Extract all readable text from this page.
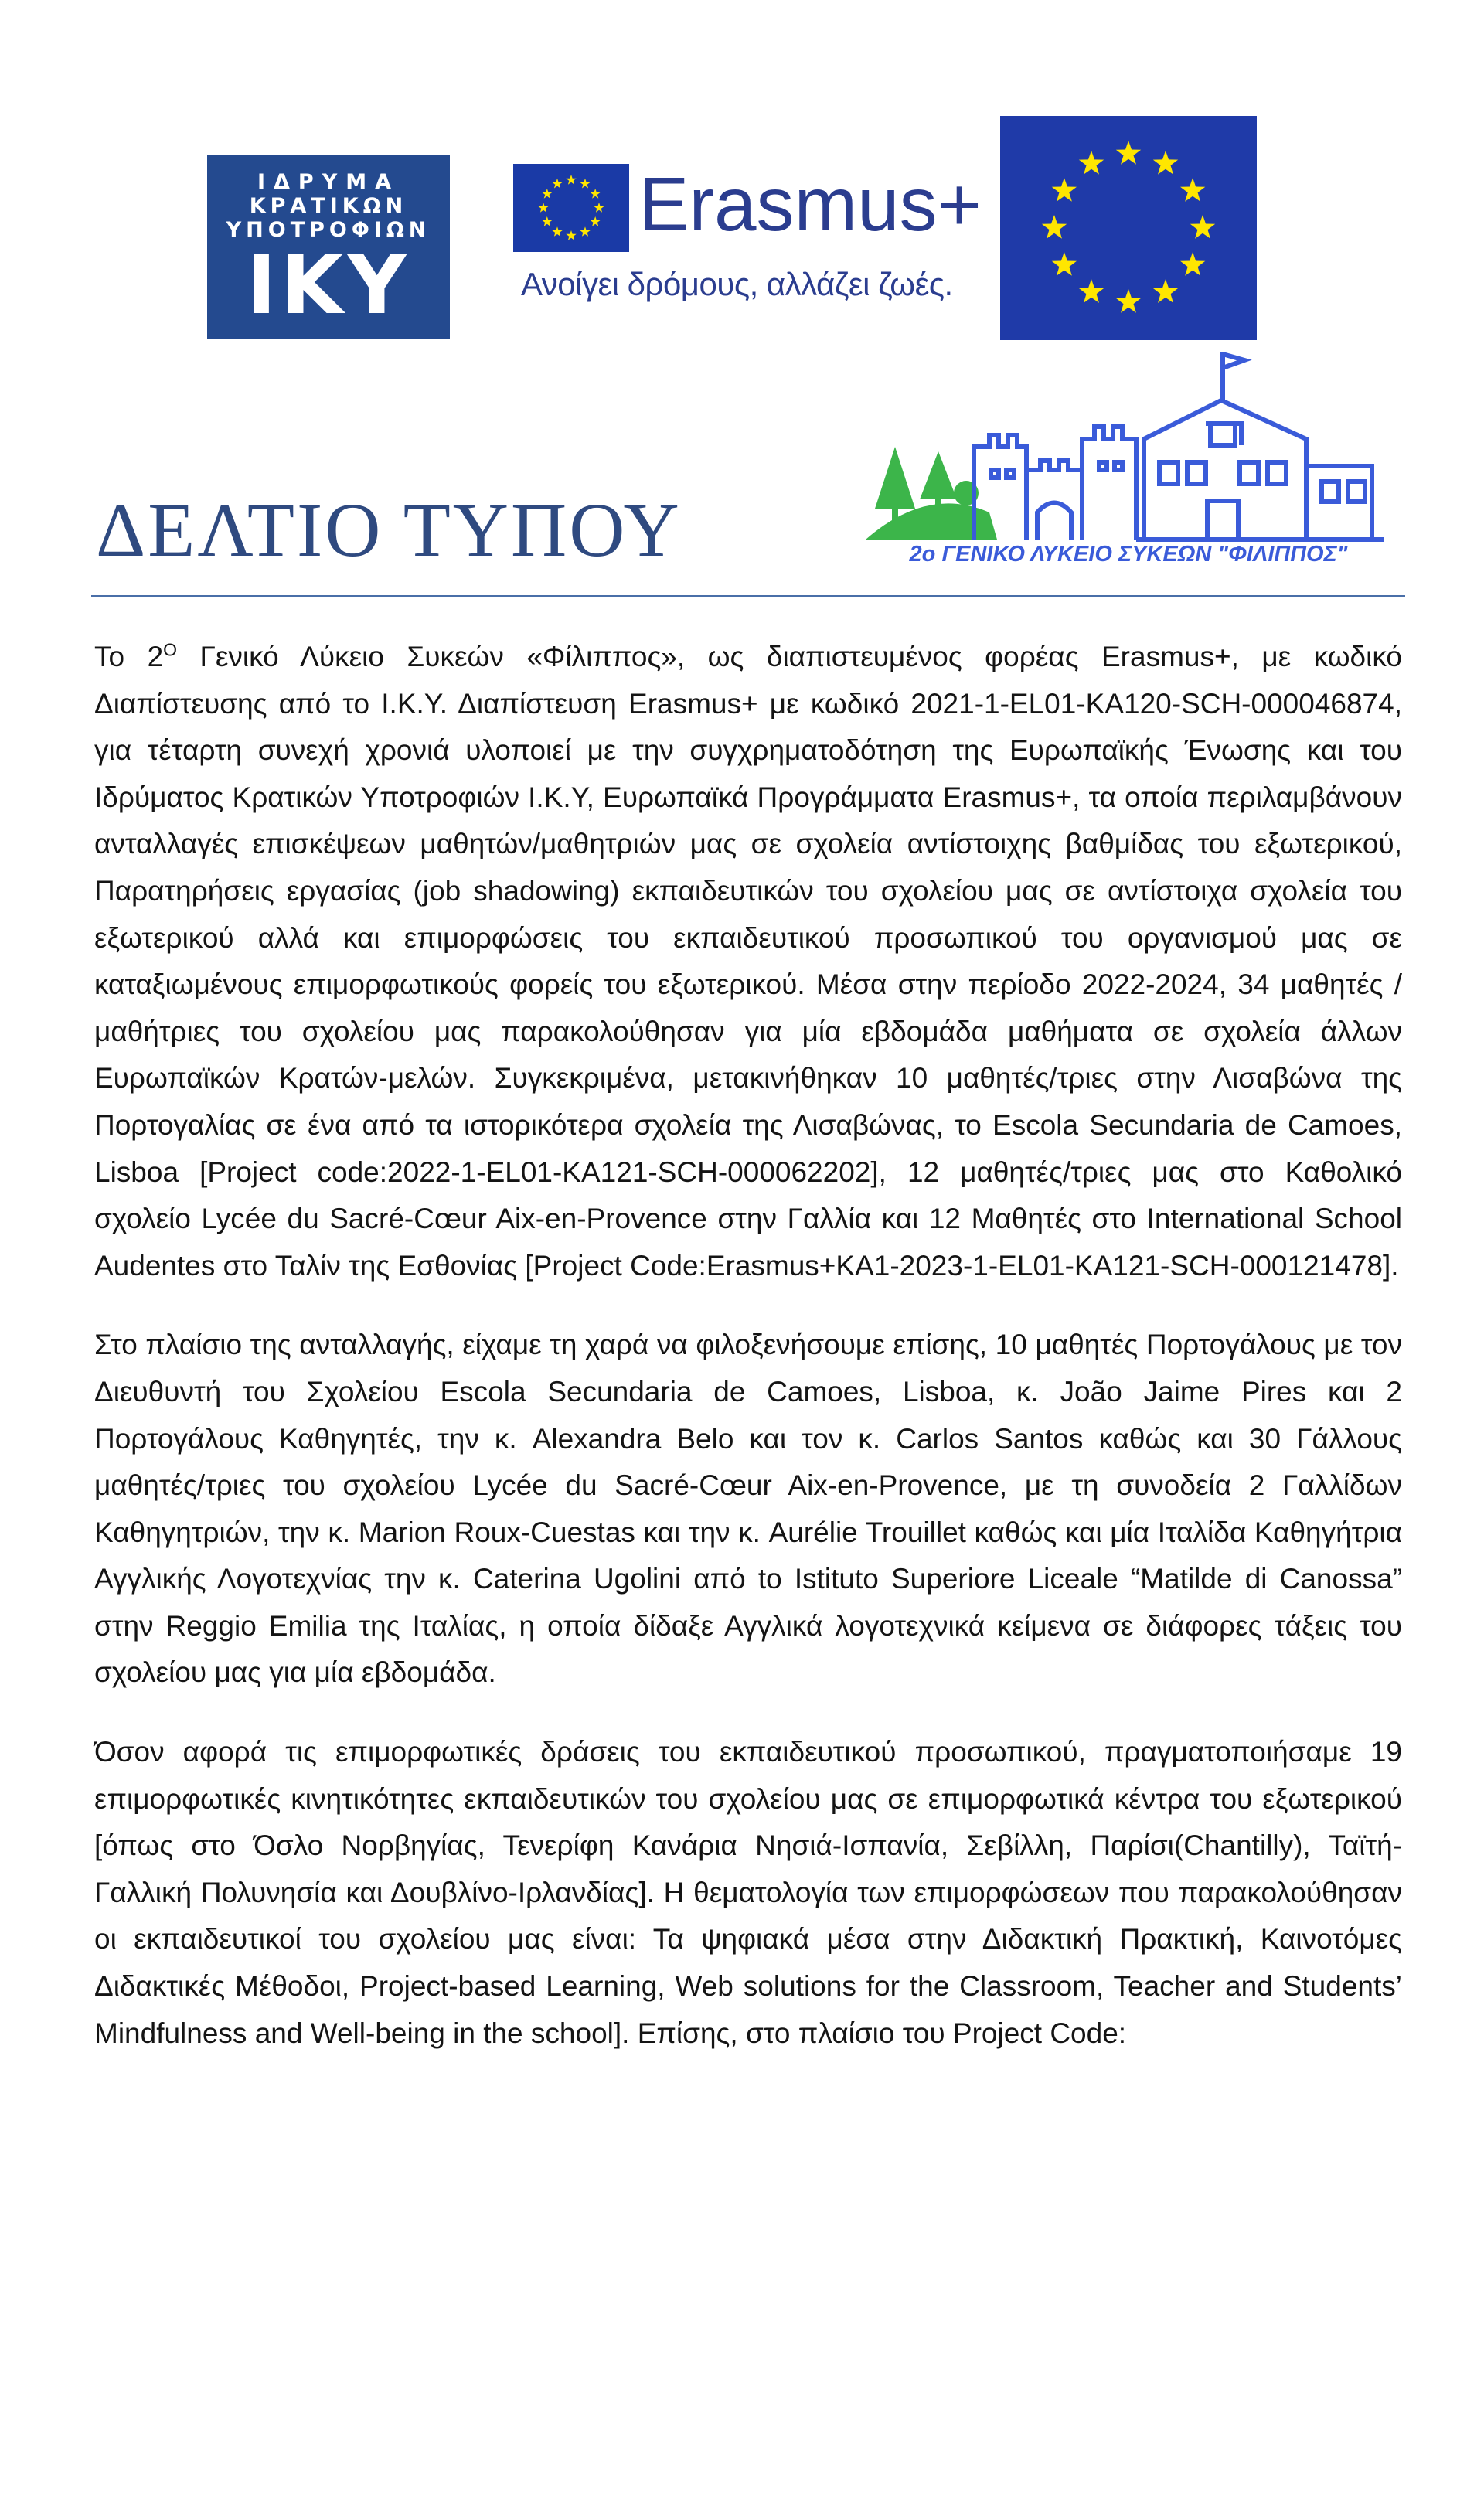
ΙΔΡΥΜΑ
ΚΡΑΤΙΚΩΝ
ΥΠΟΤΡΟΦΙΩΝ
ΙΚΥ
Erasmus+
Ανοίγει δρόμους, αλλάζει ζωές.
2ο ΓΕΝΙΚΟ ΛΥΚΕΙΟ ΣΥΚΕΩΝ "ΦΙΛΙΠΠΟΣ"
ΔΕΛΤΙΟ ΤΥΠΟΥ

Το $2^O$ Γενικό Λύκειο Συκεών «Φίλιππος», ως διαπιστευμένος φορέας Erasmus+, με κωδικό Διαπίστευσης από το Ι.Κ.Υ. Διαπίστευση Erasmus+ με κωδικό 2021-1-EL01-KA120-SCH-000046874, για τέταρτη συνεχή χρονιά υλοποιεί με την συγχρηματοδότηση της Ευρωπαϊκής Ένωσης και του Ιδρύματος Κρατικών Υποτροφιών Ι.Κ.Υ, Ευρωπαϊκά Προγράμματα Erasmus+, τα οποία περιλαμβάνουν ανταλλαγές επισκέψεων μαθητών/μαθητριών μας σε σχολεία αντίστοιχης βαθμίδας του εξωτερικού, Παρατηρήσεις εργασίας (job shadowing) εκπαιδευτικών του σχολείου μας σε αντίστοιχα σχολεία του εξωτερικού αλλά και επιμορφώσεις του εκπαιδευτικού προσωπικού του οργανισμού μας σε καταξιωμένους επιμορφωτικούς φορείς του εξωτερικού. Μέσα στην περίοδο 2022-2024, 34 μαθητές /μαθήτριες του σχολείου μας παρακολούθησαν για μία εβδομάδα μαθήματα σε σχολεία άλλων Ευρωπαϊκών Κρατών-μελών. Συγκεκριμένα, μετακινήθηκαν 10 μαθητές/τριες στην Λισαβώνα της Πορτογαλίας σε ένα από τα ιστορικότερα σχολεία της Λισαβώνας, το Escola Secundaria de Camoes, Lisboa [Project code:2022-1-EL01-KA121-SCH-000062202], 12 μαθητές/τριες μας στο Καθολικό σχολείο Lycée du Sacré-Cœur Aix-en-Provence στην Γαλλία και 12 Μαθητές στο International School Audentes στο Ταλίν της Εσθονίας [Project Code:Erasmus+KA1-2023-1-EL01-KA121-SCH-000121478].

Στο πλαίσιο της ανταλλαγής, είχαμε τη χαρά να φιλοξενήσουμε επίσης, 10 μαθητές Πορτογάλους με τον Διευθυντή του Σχολείου Escola Secundaria de Camoes, Lisboa, κ. João Jaime Pires και 2 Πορτογάλους Καθηγητές, την κ. Alexandra Belo και τον κ. Carlos Santos καθώς και 30 Γάλλους μαθητές/τριες του σχολείου Lycée du Sacré-Cœur Aix-en-Provence, με τη συνοδεία 2 Γαλλίδων Καθηγητριών, την κ. Marion Roux-Cuestas και την κ. Aurélie Trouillet καθώς και μία Ιταλίδα Καθηγήτρια Αγγλικής Λογοτεχνίας την κ. Caterina Ugolini από to Istituto Superiore Liceale “Matilde di Canossa” στην Reggio Emilia της Ιταλίας, η οποία δίδαξε Αγγλικά λογοτεχνικά κείμενα σε διάφορες τάξεις του σχολείου μας για μία εβδομάδα.

Όσον αφορά τις επιμορφωτικές δράσεις του εκπαιδευτικού προσωπικού, πραγματοποιήσαμε 19 επιμορφωτικές κινητικότητες εκπαιδευτικών του σχολείου μας σε επιμορφωτικά κέντρα του εξωτερικού [όπως στο Όσλο Νορβηγίας, Τενερίφη Κανάρια Νησιά-Ισπανία, Σεβίλλη, Παρίσι(Chantilly), Ταϊτή-Γαλλική Πολυνησία και Δουβλίνο-Ιρλανδίας]. Η θεματολογία των επιμορφώσεων που παρακολούθησαν οι εκπαιδευτικοί του σχολείου μας είναι: Τα ψηφιακά μέσα στην Διδακτική Πρακτική, Καινοτόμες Διδακτικές Μέθοδοι, Project-based Learning, Web solutions for the Classroom, Teacher and Students’ Mindfulness and Well-being in the school]. Επίσης, στο πλαίσιο του Project Code:
